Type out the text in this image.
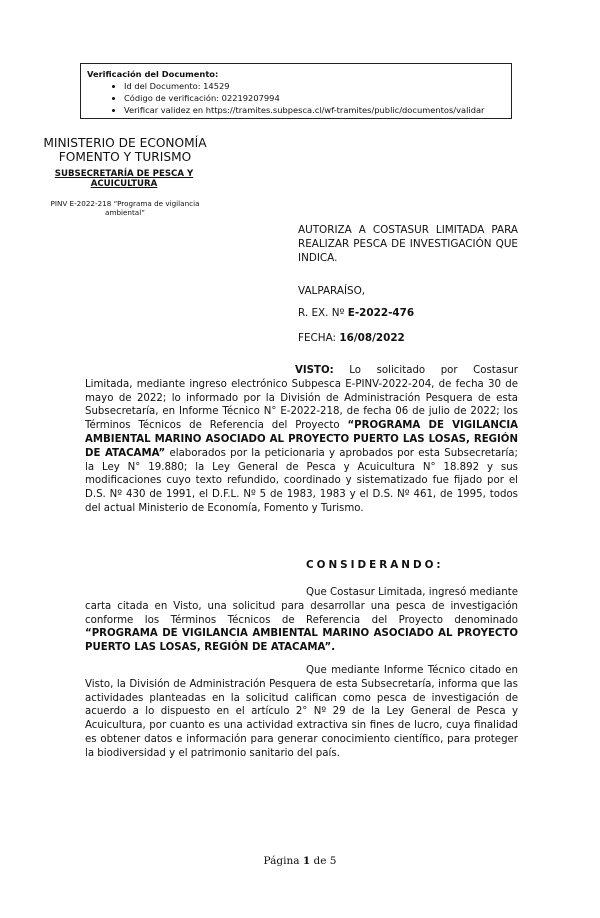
Verificación del Documento:
• Id del Documento: 14529
• Código de verificación: 02219207994
• Verificar validez en https://tramites.subpesca.cl/wf-tramites/public/documentos/validar
MINISTERIO DE ECONOMÍA
FOMENTO Y TURISMO
SUBSECRETARÍA DE PESCA Y ACUICULTURA
PINV E-2022-218 “Programa de vigilancia ambiental”
AUTORIZA A COSTASUR LIMITADA PARA REALIZAR PESCA DE INVESTIGACIÓN QUE INDICA.
VALPARAÍSO,
R. EX. Nº E-2022-476
FECHA: 16/08/2022
VISTO: Lo solicitado por Costasur Limitada, mediante ingreso electrónico Subpesca E-PINV-2022-204, de fecha 30 de mayo de 2022; lo informado por la División de Administración Pesquera de esta Subsecretaría, en Informe Técnico N° E-2022-218, de fecha 06 de julio de 2022; los Términos Técnicos de Referencia del Proyecto “PROGRAMA DE VIGILANCIA AMBIENTAL MARINO ASOCIADO AL PROYECTO PUERTO LAS LOSAS, REGIÓN DE ATACAMA” elaborados por la peticionaria y aprobados por esta Subsecretaría; la Ley N° 19.880; la Ley General de Pesca y Acuicultura N° 18.892 y sus modificaciones cuyo texto refundido, coordinado y sistematizado fue fijado por el D.S. Nº 430 de 1991, el D.F.L. Nº 5 de 1983, 1983 y el D.S. Nº 461, de 1995, todos del actual Ministerio de Economía, Fomento y Turismo.
CONSIDERANDO:
Que Costasur Limitada, ingresó mediante carta citada en Visto, una solicitud para desarrollar una pesca de investigación conforme los Términos Técnicos de Referencia del Proyecto denominado “PROGRAMA DE VIGILANCIA AMBIENTAL MARINO ASOCIADO AL PROYECTO PUERTO LAS LOSAS, REGIÓN DE ATACAMA”.
Que mediante Informe Técnico citado en Visto, la División de Administración Pesquera de esta Subsecretaría, informa que las actividades planteadas en la solicitud califican como pesca de investigación de acuerdo a lo dispuesto en el artículo 2° Nº 29 de la Ley General de Pesca y Acuicultura, por cuanto es una actividad extractiva sin fines de lucro, cuya finalidad es obtener datos e información para generar conocimiento científico, para proteger la biodiversidad y el patrimonio sanitario del país.
Página 1 de 5
